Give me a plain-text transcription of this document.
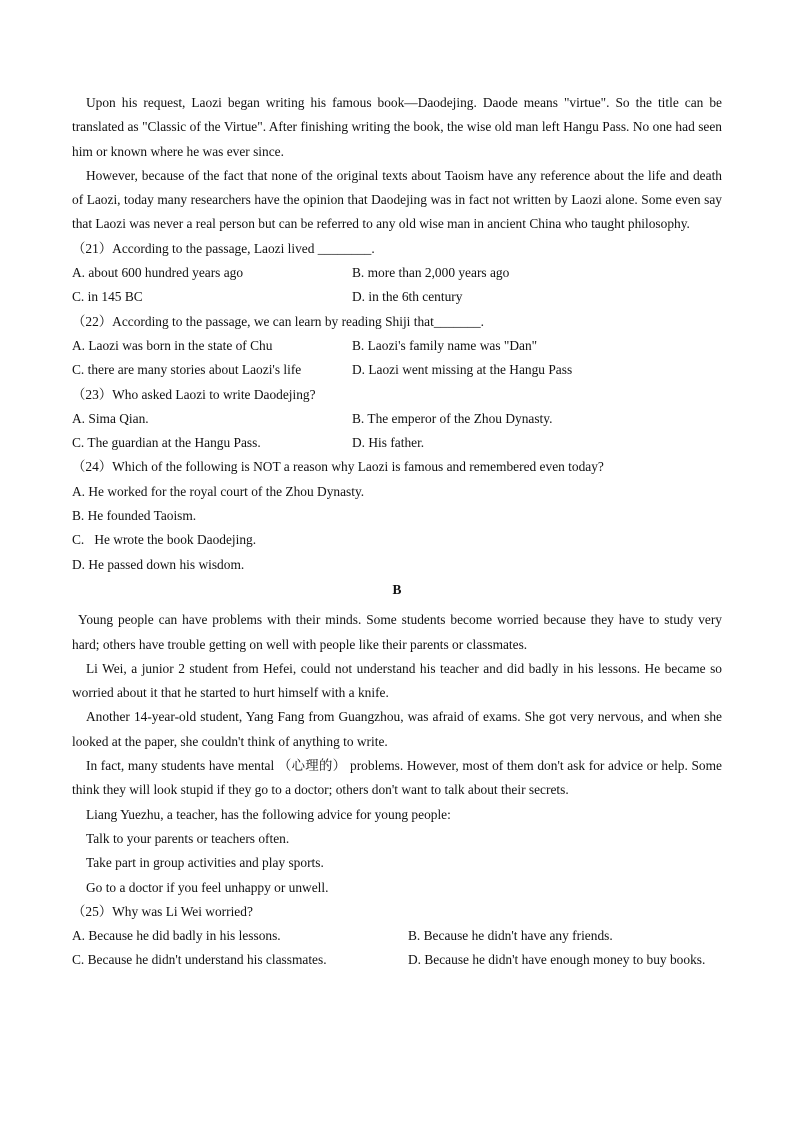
Upon his request, Laozi began writing his famous book—Daodejing. Daode means "virtue". So the title can be translated as "Classic of the Virtue". After finishing writing the book, the wise old man left Hangu Pass. No one had seen him or known where he was ever since.

However, because of the fact that none of the original texts about Taoism have any reference about the life and death of Laozi, today many researchers have the opinion that Daodejing was in fact not written by Laozi alone. Some even say that Laozi was never a real person but can be referred to any old wise man in ancient China who taught philosophy.

（21）According to the passage, Laozi lived ________.

A. about 600 hundred years ago	B. more than 2,000 years ago

C. in 145 BC	D. in the 6th century

（22）According to the passage, we can learn by reading Shiji that_______.

A. Laozi was born in the state of Chu	B. Laozi's family name was "Dan"

C. there are many stories about Laozi's life	D. Laozi went missing at the Hangu Pass

（23）Who asked Laozi to write Daodejing?

A. Sima Qian.	B. The emperor of the Zhou Dynasty.

C. The guardian at the Hangu Pass.	D. His father.

（24）Which of the following is NOT a reason why Laozi is famous and remembered even today?

A. He worked for the royal court of the Zhou Dynasty.

B. He founded Taoism.

C.   He wrote the book Daodejing.

D. He passed down his wisdom.

B

Young people can have problems with their minds. Some students become worried because they have to study very hard; others have trouble getting on well with people like their parents or classmates.

Li Wei, a junior 2 student from Hefei, could not understand his teacher and did badly in his lessons. He became so worried about it that he started to hurt himself with a knife.

Another 14-year-old student, Yang Fang from Guangzhou, was afraid of exams. She got very nervous, and when she looked at the paper, she couldn't think of anything to write.

In fact, many students have mental （心理的） problems. However, most of them don't ask for advice or help. Some think they will look stupid if they go to a doctor; others don't want to talk about their secrets.

Liang Yuezhu, a teacher, has the following advice for young people:

Talk to your parents or teachers often.

Take part in group activities and play sports.

Go to a doctor if you feel unhappy or unwell.

（25）Why was Li Wei worried?

A. Because he did badly in his lessons.	B. Because he didn't have any friends.

C. Because he didn't understand his classmates.	D. Because he didn't have enough money to buy books.
